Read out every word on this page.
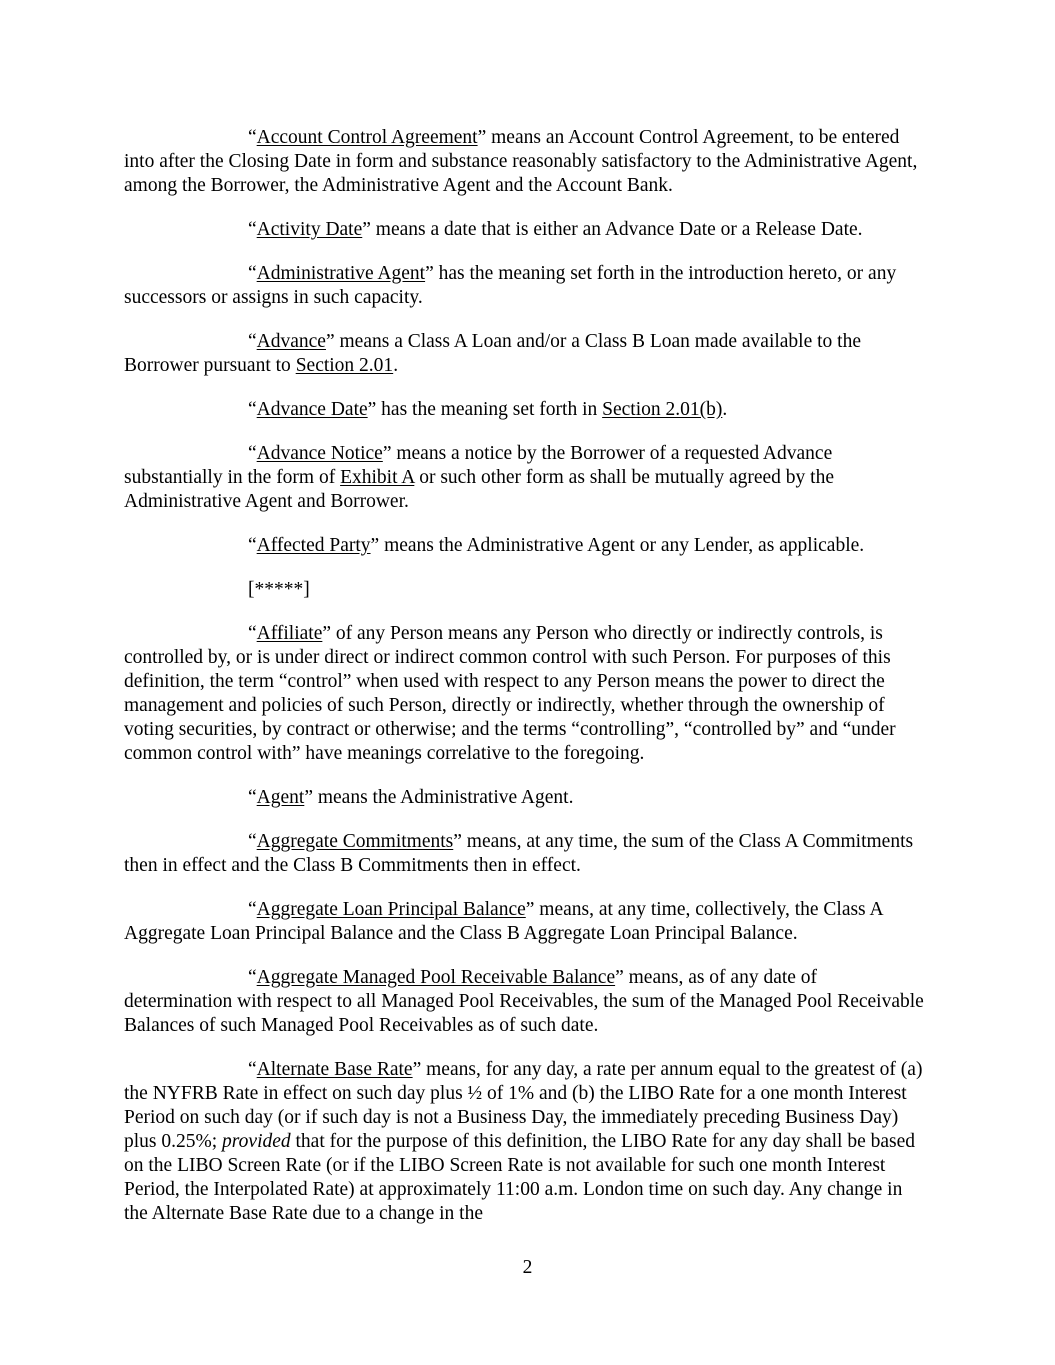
“Account Control Agreement” means an Account Control Agreement, to be entered into after the Closing Date in form and substance reasonably satisfactory to the Administrative Agent, among the Borrower, the Administrative Agent and the Account Bank.

“Activity Date” means a date that is either an Advance Date or a Release Date.

“Administrative Agent” has the meaning set forth in the introduction hereto, or any successors or assigns in such capacity.

“Advance” means a Class A Loan and/or a Class B Loan made available to the Borrower pursuant to Section 2.01.

“Advance Date” has the meaning set forth in Section 2.01(b).

“Advance Notice” means a notice by the Borrower of a requested Advance substantially in the form of Exhibit A or such other form as shall be mutually agreed by the Administrative Agent and Borrower.

“Affected Party” means the Administrative Agent or any Lender, as applicable.

[*****]

“Affiliate” of any Person means any Person who directly or indirectly controls, is controlled by, or is under direct or indirect common control with such Person. For purposes of this definition, the term “control” when used with respect to any Person means the power to direct the management and policies of such Person, directly or indirectly, whether through the ownership of voting securities, by contract or otherwise; and the terms “controlling”, “controlled by” and “under common control with” have meanings correlative to the foregoing.

“Agent” means the Administrative Agent.

“Aggregate Commitments” means, at any time, the sum of the Class A Commitments then in effect and the Class B Commitments then in effect.

“Aggregate Loan Principal Balance” means, at any time, collectively, the Class A Aggregate Loan Principal Balance and the Class B Aggregate Loan Principal Balance.

“Aggregate Managed Pool Receivable Balance” means, as of any date of determination with respect to all Managed Pool Receivables, the sum of the Managed Pool Receivable Balances of such Managed Pool Receivables as of such date.

“Alternate Base Rate” means, for any day, a rate per annum equal to the greatest of (a) the NYFRB Rate in effect on such day plus ½ of 1% and (b) the LIBO Rate for a one month Interest Period on such day (or if such day is not a Business Day, the immediately preceding Business Day) plus 0.25%; provided that for the purpose of this definition, the LIBO Rate for any day shall be based on the LIBO Screen Rate (or if the LIBO Screen Rate is not available for such one month Interest Period, the Interpolated Rate) at approximately 11:00 a.m. London time on such day. Any change in the Alternate Base Rate due to a change in the

2
